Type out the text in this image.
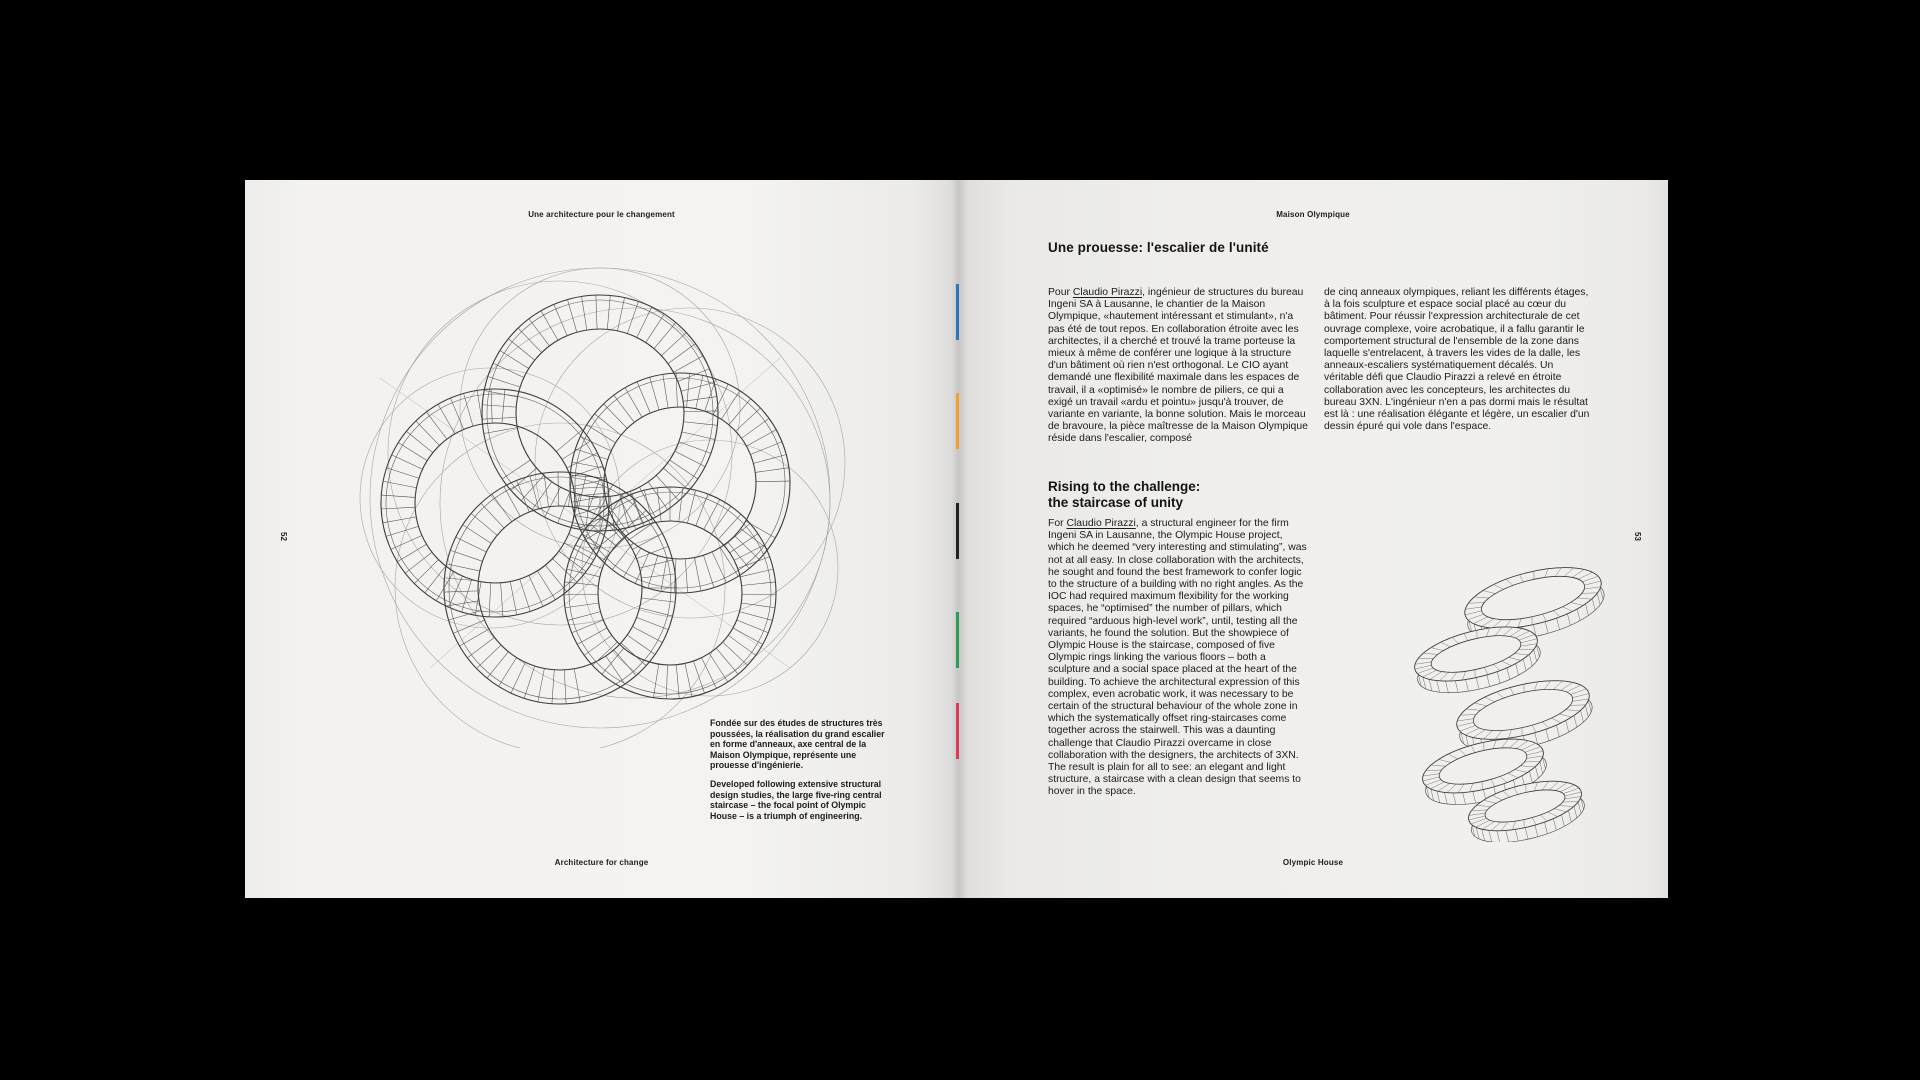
Une architecture pour le changement

Fondée sur des études de structures très poussées, la réalisation du grand escalier en forme d'anneaux, axe central de la Maison Olympique, représente une prouesse d'ingénierie.

Developed following extensive structural design studies, the large five-ring central staircase – the focal point of Olympic House – is a triumph of engineering.

Architecture for change
Maison Olympique
Une prouesse: l'escalier de l'unité
Pour Claudio Pirazzi, ingénieur de structures du bureau Ingeni SA à Lausanne, le chantier de la Maison Olympique, «hautement intéressant et stimulant», n'a pas été de tout repos. En collaboration étroite avec les architectes, il a cherché et trouvé la trame porteuse la mieux à même de conférer une logique à la structure d'un bâtiment où rien n'est orthogonal. Le CIO ayant demandé une flexibilité maximale dans les espaces de travail, il a «optimisé» le nombre de piliers, ce qui a exigé un travail «ardu et pointu» jusqu'à trouver, de variante en variante, la bonne solution. Mais le morceau de bravoure, la pièce maîtresse de la Maison Olympique réside dans l'escalier, composé
de cinq anneaux olympiques, reliant les différents étages, à la fois sculpture et espace social placé au cœur du bâtiment. Pour réussir l'expression architecturale de cet ouvrage complexe, voire acrobatique, il a fallu garantir le comportement structural de l'ensemble de la zone dans laquelle s'entrelacent, à travers les vides de la dalle, les anneaux-escaliers systématiquement décalés. Un véritable défi que Claudio Pirazzi a relevé en étroite collaboration avec les concepteurs, les architectes du bureau 3XN. L'ingénieur n'en a pas dormi mais le résultat est là : une réalisation élégante et légère, un escalier d'un dessin épuré qui vole dans l'espace.
Rising to the challenge:
the staircase of unity
For Claudio Pirazzi, a structural engineer for the firm Ingeni SA in Lausanne, the Olympic House project, which he deemed “very interesting and stimulating”, was not at all easy. In close collaboration with the architects, he sought and found the best framework to confer logic to the structure of a building with no right angles. As the IOC had required maximum flexibility for the working spaces, he “optimised” the number of pillars, which required “arduous high-level work”, until, testing all the variants, he found the solution. But the showpiece of Olympic House is the staircase, composed of five Olympic rings linking the various floors – both a sculpture and a social space placed at the heart of the building. To achieve the architectural expression of this complex, even acrobatic work, it was necessary to be certain of the structural behaviour of the whole zone in which the systematically offset ring-staircases come together across the stairwell. This was a daunting challenge that Claudio Pirazzi overcame in close collaboration with the designers, the architects of 3XN. The result is plain for all to see: an elegant and light structure, a staircase with a clean design that seems to hover in the space.
Olympic House
52	53
